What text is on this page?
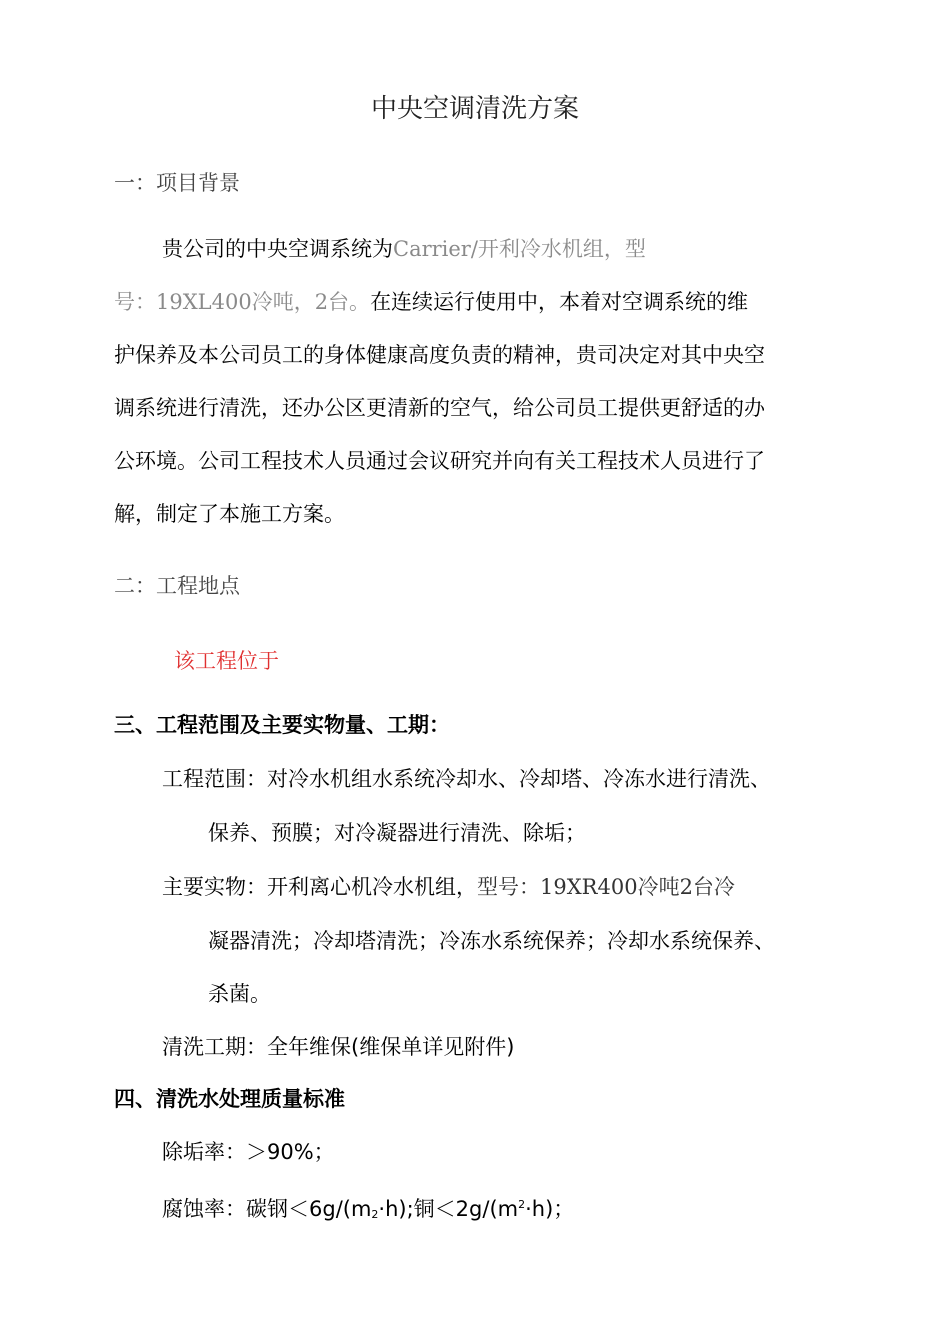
中央空调清洗方案
一：项目背景
贵公司的中央空调系统为Carrier/开利冷水机组，型
号：19XL400冷吨，2台。在连续运行使用中，本着对空调系统的维
护保养及本公司员工的身体健康高度负责的精神，贵司决定对其中央空
调系统进行清洗，还办公区更清新的空气，给公司员工提供更舒适的办
公环境。公司工程技术人员通过会议研究并向有关工程技术人员进行了
解，制定了本施工方案。
二：工程地点
该工程位于
三、工程范围及主要实物量、工期：
工程范围：对冷水机组水系统冷却水、冷却塔、冷冻水进行清洗、
保养、预膜；对冷凝器进行清洗、除垢；
主要实物：开利离心机冷水机组，型号：19XR400冷吨2台冷
凝器清洗；冷却塔清洗；冷冻水系统保养；冷却水系统保养、
杀菌。
清洗工期：全年维保(维保单详见附件)
四、清洗水处理质量标准
除垢率：＞90%；
腐蚀率：碳钢＜6g/(m2·h);铜$<2g/(m^2\cdot h)$；
